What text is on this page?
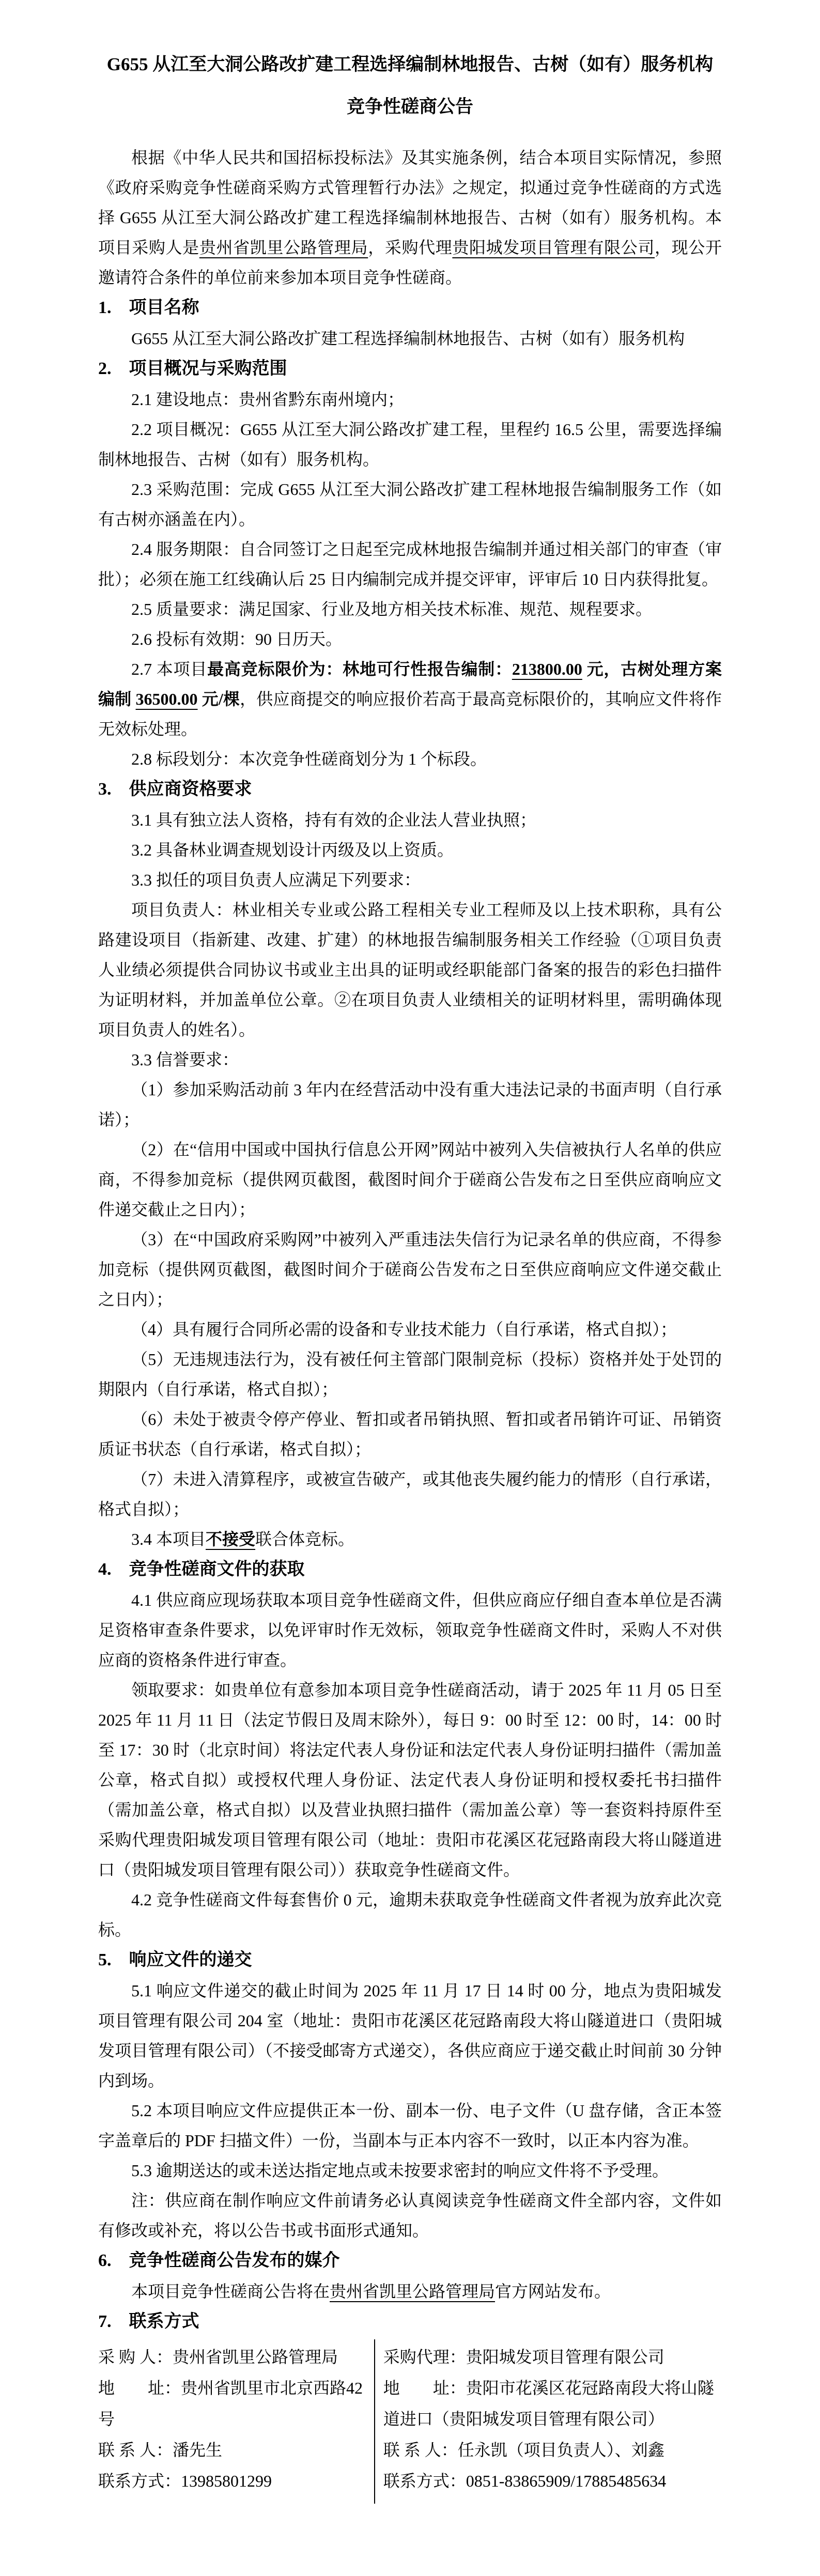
G655 从江至大洞公路改扩建工程选择编制林地报告、古树（如有）服务机构竞争性磋商公告

根据《中华人民共和国招标投标法》及其实施条例，结合本项目实际情况，参照《政府采购竞争性磋商采购方式管理暂行办法》之规定，拟通过竞争性磋商的方式选择 G655 从江至大洞公路改扩建工程选择编制林地报告、古树（如有）服务机构。本项目采购人是贵州省凯里公路管理局，采购代理贵阳城发项目管理有限公司，现公开邀请符合条件的单位前来参加本项目竞争性磋商。

1.　项目名称

G655 从江至大洞公路改扩建工程选择编制林地报告、古树（如有）服务机构

2.　项目概况与采购范围

2.1 建设地点：贵州省黔东南州境内；

2.2 项目概况：G655 从江至大洞公路改扩建工程，里程约 16.5 公里，需要选择编制林地报告、古树（如有）服务机构。

2.3 采购范围：完成 G655 从江至大洞公路改扩建工程林地报告编制服务工作（如有古树亦涵盖在内）。

2.4 服务期限：自合同签订之日起至完成林地报告编制并通过相关部门的审查（审批）；必须在施工红线确认后 25 日内编制完成并提交评审，评审后 10 日内获得批复。

2.5 质量要求：满足国家、行业及地方相关技术标准、规范、规程要求。

2.6 投标有效期：90 日历天。

2.7 本项目最高竞标限价为：林地可行性报告编制：213800.00 元，古树处理方案编制 36500.00 元/棵，供应商提交的响应报价若高于最高竞标限价的，其响应文件将作无效标处理。

2.8 标段划分：本次竞争性磋商划分为 1 个标段。

3.　供应商资格要求

3.1 具有独立法人资格，持有有效的企业法人营业执照；

3.2 具备林业调查规划设计丙级及以上资质。

3.3 拟任的项目负责人应满足下列要求：

项目负责人：林业相关专业或公路工程相关专业工程师及以上技术职称，具有公路建设项目（指新建、改建、扩建）的林地报告编制服务相关工作经验（①项目负责人业绩必须提供合同协议书或业主出具的证明或经职能部门备案的报告的彩色扫描件为证明材料，并加盖单位公章。②在项目负责人业绩相关的证明材料里，需明确体现项目负责人的姓名）。

3.3 信誉要求：

（1）参加采购活动前 3 年内在经营活动中没有重大违法记录的书面声明（自行承诺）；

（2）在“信用中国或中国执行信息公开网”网站中被列入失信被执行人名单的供应商，不得参加竞标（提供网页截图，截图时间介于磋商公告发布之日至供应商响应文件递交截止之日内）；

（3）在“中国政府采购网”中被列入严重违法失信行为记录名单的供应商，不得参加竞标（提供网页截图，截图时间介于磋商公告发布之日至供应商响应文件递交截止之日内）；

（4）具有履行合同所必需的设备和专业技术能力（自行承诺，格式自拟）；

（5）无违规违法行为，没有被任何主管部门限制竞标（投标）资格并处于处罚的期限内（自行承诺，格式自拟）；

（6）未处于被责令停产停业、暂扣或者吊销执照、暂扣或者吊销许可证、吊销资质证书状态（自行承诺，格式自拟）；

（7）未进入清算程序，或被宣告破产，或其他丧失履约能力的情形（自行承诺，格式自拟）；

3.4 本项目不接受联合体竞标。

4.　竞争性磋商文件的获取

4.1 供应商应现场获取本项目竞争性磋商文件，但供应商应仔细自查本单位是否满足资格审查条件要求，以免评审时作无效标，领取竞争性磋商文件时，采购人不对供应商的资格条件进行审查。

领取要求：如贵单位有意参加本项目竞争性磋商活动，请于 2025 年 11 月 05 日至 2025 年 11 月 11 日（法定节假日及周末除外），每日 9：00 时至 12：00 时，14：00 时至 17：30 时（北京时间）将法定代表人身份证和法定代表人身份证明扫描件（需加盖公章，格式自拟）或授权代理人身份证、法定代表人身份证明和授权委托书扫描件（需加盖公章，格式自拟）以及营业执照扫描件（需加盖公章）等一套资料持原件至采购代理贵阳城发项目管理有限公司（地址：贵阳市花溪区花冠路南段大将山隧道进口（贵阳城发项目管理有限公司））获取竞争性磋商文件。

4.2 竞争性磋商文件每套售价 0 元，逾期未获取竞争性磋商文件者视为放弃此次竞标。

5.　响应文件的递交

5.1 响应文件递交的截止时间为 2025 年 11 月 17 日 14 时 00 分，地点为贵阳城发项目管理有限公司 204 室（地址：贵阳市花溪区花冠路南段大将山隧道进口（贵阳城发项目管理有限公司）（不接受邮寄方式递交），各供应商应于递交截止时间前 30 分钟内到场。

5.2 本项目响应文件应提供正本一份、副本一份、电子文件（U 盘存储，含正本签字盖章后的 PDF 扫描文件）一份，当副本与正本内容不一致时，以正本内容为准。

5.3 逾期送达的或未送达指定地点或未按要求密封的响应文件将不予受理。

注：供应商在制作响应文件前请务必认真阅读竞争性磋商文件全部内容，文件如有修改或补充，将以公告书或书面形式通知。

6.　竞争性磋商公告发布的媒介

本项目竞争性磋商公告将在贵州省凯里公路管理局官方网站发布。

7.　联系方式
采 购 人：贵州省凯里公路管理局	采购代理：贵阳城发项目管理有限公司
地　　址：贵州省凯里市北京西路42号	地　　址：贵阳市花溪区花冠路南段大将山隧道进口（贵阳城发项目管理有限公司）
联 系 人：潘先生	联 系 人：任永凯（项目负责人）、刘鑫
联系方式：13985801299	联系方式：0851-83865909/17885485634
